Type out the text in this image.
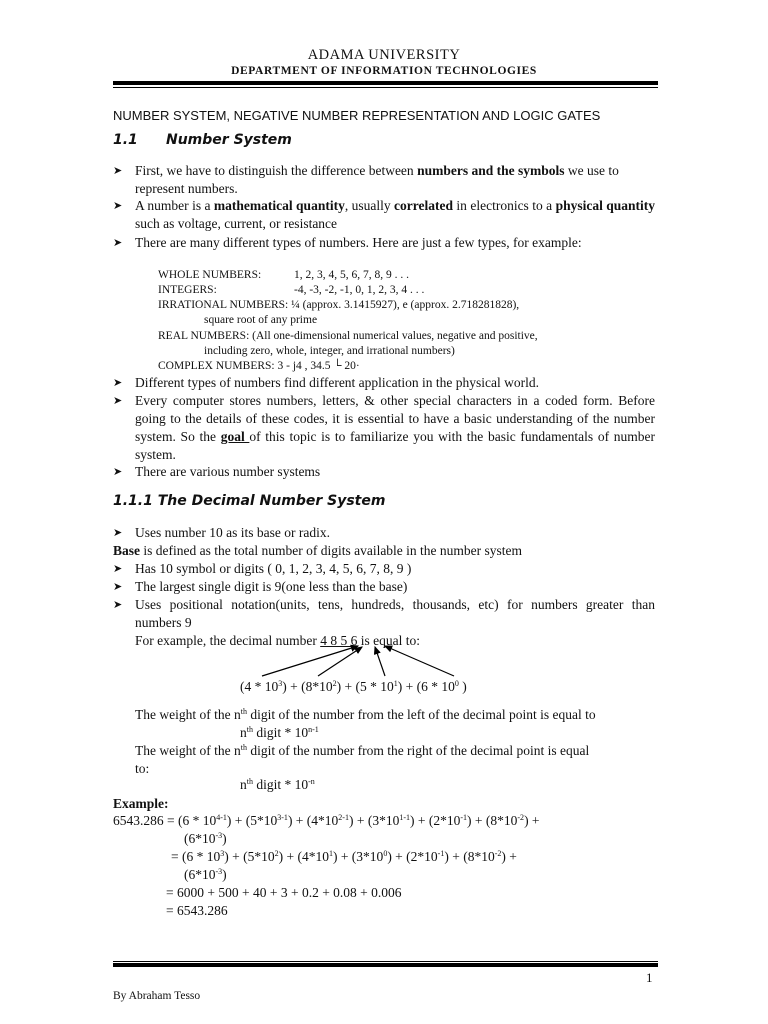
ADAMA UNIVERSITY
DEPARTMENT OF INFORMATION TECHNOLOGIES
NUMBER SYSTEM, NEGATIVE NUMBER REPRESENTATION AND LOGIC GATES
1.1 Number System
➤ First, we have to distinguish the difference between numbers and the symbols we use to represent numbers.
➤ A number is a mathematical quantity, usually correlated in electronics to a physical quantity such as voltage, current, or resistance
➤ There are many different types of numbers. Here are just a few types, for example:
WHOLE NUMBERS:	1, 2, 3, 4, 5, 6, 7, 8, 9 . . .
INTEGERS:	-4, -3, -2, -1, 0, 1, 2, 3, 4 . . .
IRRATIONAL NUMBERS: ¼ (approx. 3.1415927), e (approx. 2.718281828),
square root of any prime
REAL NUMBERS: (All one-dimensional numerical values, negative and positive,
including zero, whole, integer, and irrational numbers)
COMPLEX NUMBERS: 3 - j4 , 34.5 └ 20·
➤ Different types of numbers find different application in the physical world.
➤ Every computer stores numbers, letters, & other special characters in a coded form. Before going to the details of these codes, it is essential to have a basic understanding of the number system. So the goal of this topic is to familiarize you with the basic fundamentals of number system.
➤ There are various number systems
1.1.1 The Decimal Number System
➤ Uses number 10 as its base or radix.
Base is defined as the total number of digits available in the number system
➤ Has 10 symbol or digits ( 0, 1, 2, 3, 4, 5, 6, 7, 8, 9 )
➤ The largest single digit is 9(one less than the base)
➤ Uses positional notation(units, tens, hundreds, thousands, etc) for numbers greater than numbers 9
For example, the decimal number 4 8 5 6 is equal to:
$(4 * 10^3) + (8*10^2) + (5 * 10^1) + (6 * 10^0$ )
The weight of the $n^{th}$ digit of the number from the left of the decimal point is equal to
$n^{th}$ digit * 10$^{n-1}$
The weight of the $n^{th}$ digit of the number from the right of the decimal point is equal
to:
$n^{th}$ digit * $10^{-n}$
Example:
$6543.286 = (6 * 10^{4-1}) + (5*10^{3-1}) + (4*10^{2-1}) + (3*10^{1-1}) + (2*10^{-1}) + (8*10^{-2})$ +
$(6*10^{-3})$
= $(6 * 10^3) + (5*10^2) + (4*10^1) + (3*10^0) + (2*10^{-1}) + (8*10^{-2})$ +
$(6*10^{-3})$
= 6000 + 500 + 40 + 3 + 0.2 + 0.08 + 0.006
= 6543.286
1
By Abraham Tesso
